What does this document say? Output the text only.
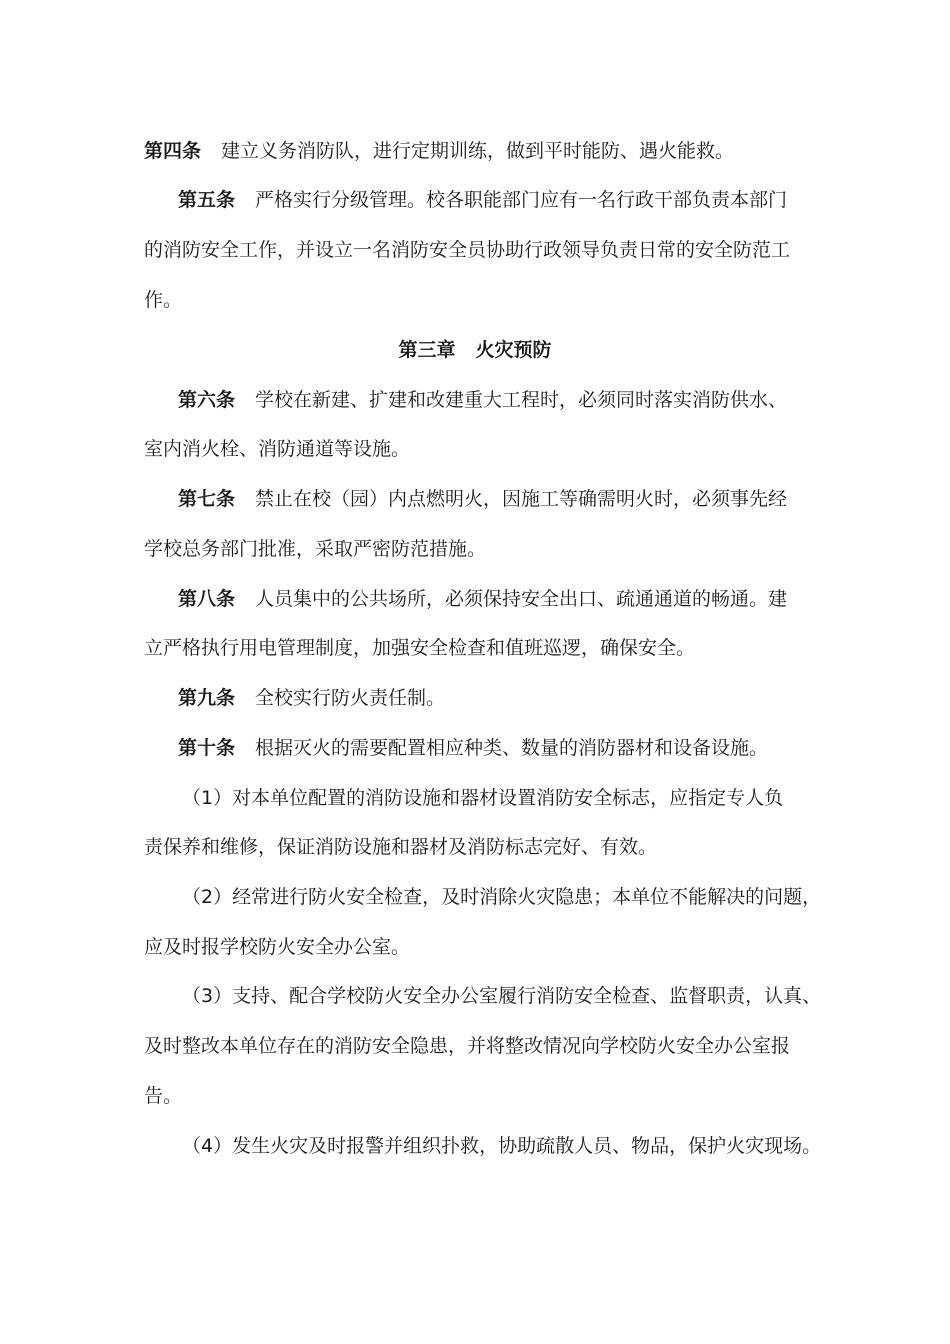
第四条 建立义务消防队，进行定期训练，做到平时能防、遇火能救。
第五条 严格实行分级管理。校各职能部门应有一名行政干部负责本部门
的消防安全工作，并设立一名消防安全员协助行政领导负责日常的安全防范工
作。
第三章 火灾预防
第六条 学校在新建、扩建和改建重大工程时，必须同时落实消防供水、
室内消火栓、消防通道等设施。
第七条 禁止在校（园）内点燃明火，因施工等确需明火时，必须事先经
学校总务部门批准，采取严密防范措施。
第八条 人员集中的公共场所，必须保持安全出口、疏通通道的畅通。建
立严格执行用电管理制度，加强安全检查和值班巡逻，确保安全。
第九条 全校实行防火责任制。
第十条 根据灭火的需要配置相应种类、数量的消防器材和设备设施。
（1）对本单位配置的消防设施和器材设置消防安全标志，应指定专人负
责保养和维修，保证消防设施和器材及消防标志完好、有效。
（2）经常进行防火安全检查，及时消除火灾隐患；本单位不能解决的问题，
应及时报学校防火安全办公室。
（3）支持、配合学校防火安全办公室履行消防安全检查、监督职责，认真、
及时整改本单位存在的消防安全隐患，并将整改情况向学校防火安全办公室报
告。
（4）发生火灾及时报警并组织扑救，协助疏散人员、物品，保护火灾现场。
